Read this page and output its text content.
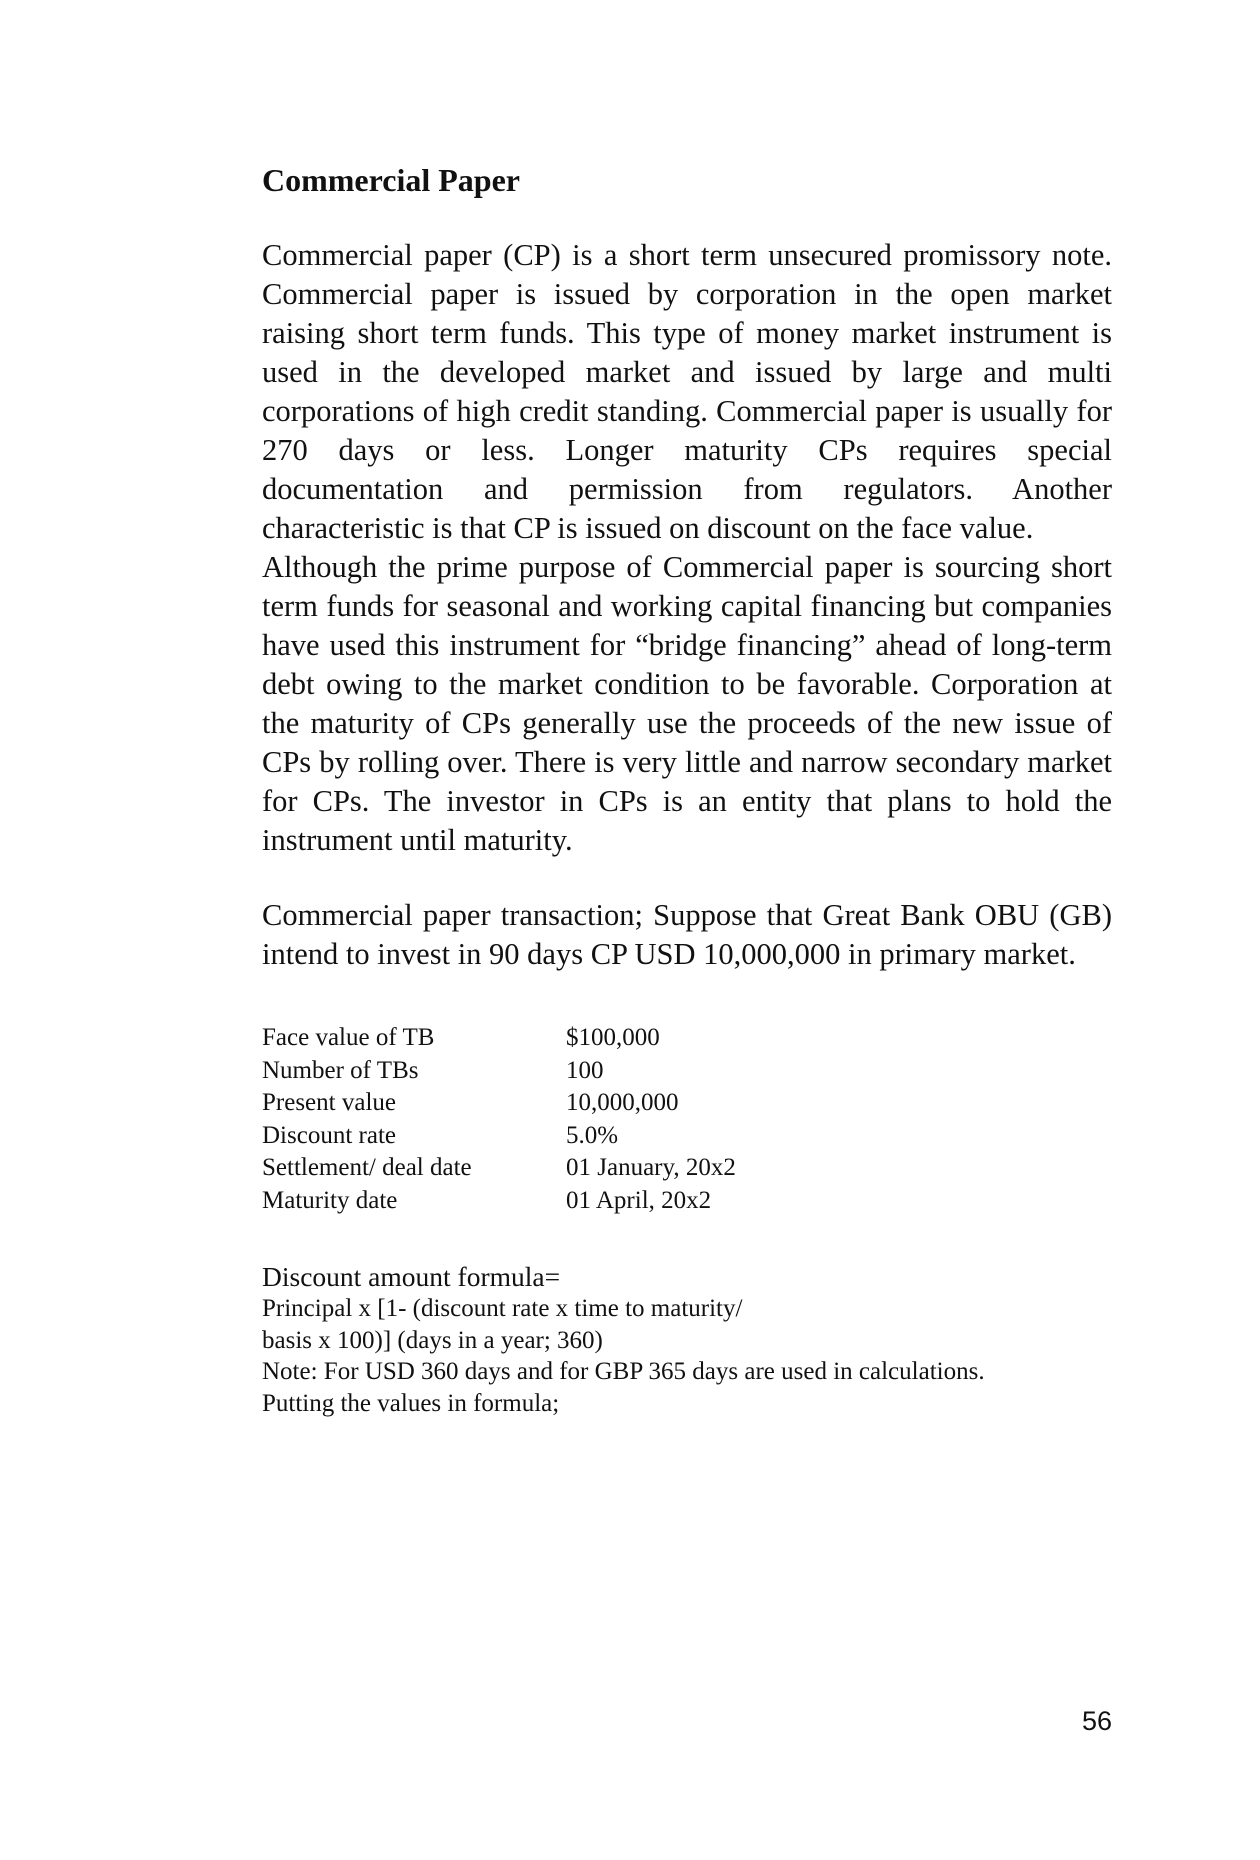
Commercial Paper

Commercial paper (CP) is a short term unsecured promissory note. Commercial paper is issued by corporation in the open market raising short term funds. This type of money market instrument is used in the developed market and issued by large and multi corporations of high credit standing. Commercial paper is usually for 270 days or less. Longer maturity CPs requires special documentation and permission from regulators. Another characteristic is that CP is issued on discount on the face value.

Although the prime purpose of Commercial paper is sourcing short term funds for seasonal and working capital financing but companies have used this instrument for “bridge financing” ahead of long-term debt owing to the market condition to be favorable. Corporation at the maturity of CPs generally use the proceeds of the new issue of CPs by rolling over. There is very little and narrow secondary market for CPs. The investor in CPs is an entity that plans to hold the instrument until maturity.

Commercial paper transaction; Suppose that Great Bank OBU (GB) intend to invest in 90 days CP USD 10,000,000 in primary market.

Face value of TB	$100,000
Number of TBs	100
Present value	10,000,000
Discount rate	5.0%
Settlement/ deal date	01 January, 20x2
Maturity date	01 April, 20x2
Discount amount formula=
Principal x [1- (discount rate x time to maturity/
basis x 100)] (days in a year; 360)
Note: For USD 360 days and for GBP 365 days are used in calculations.
Putting the values in formula;
56
